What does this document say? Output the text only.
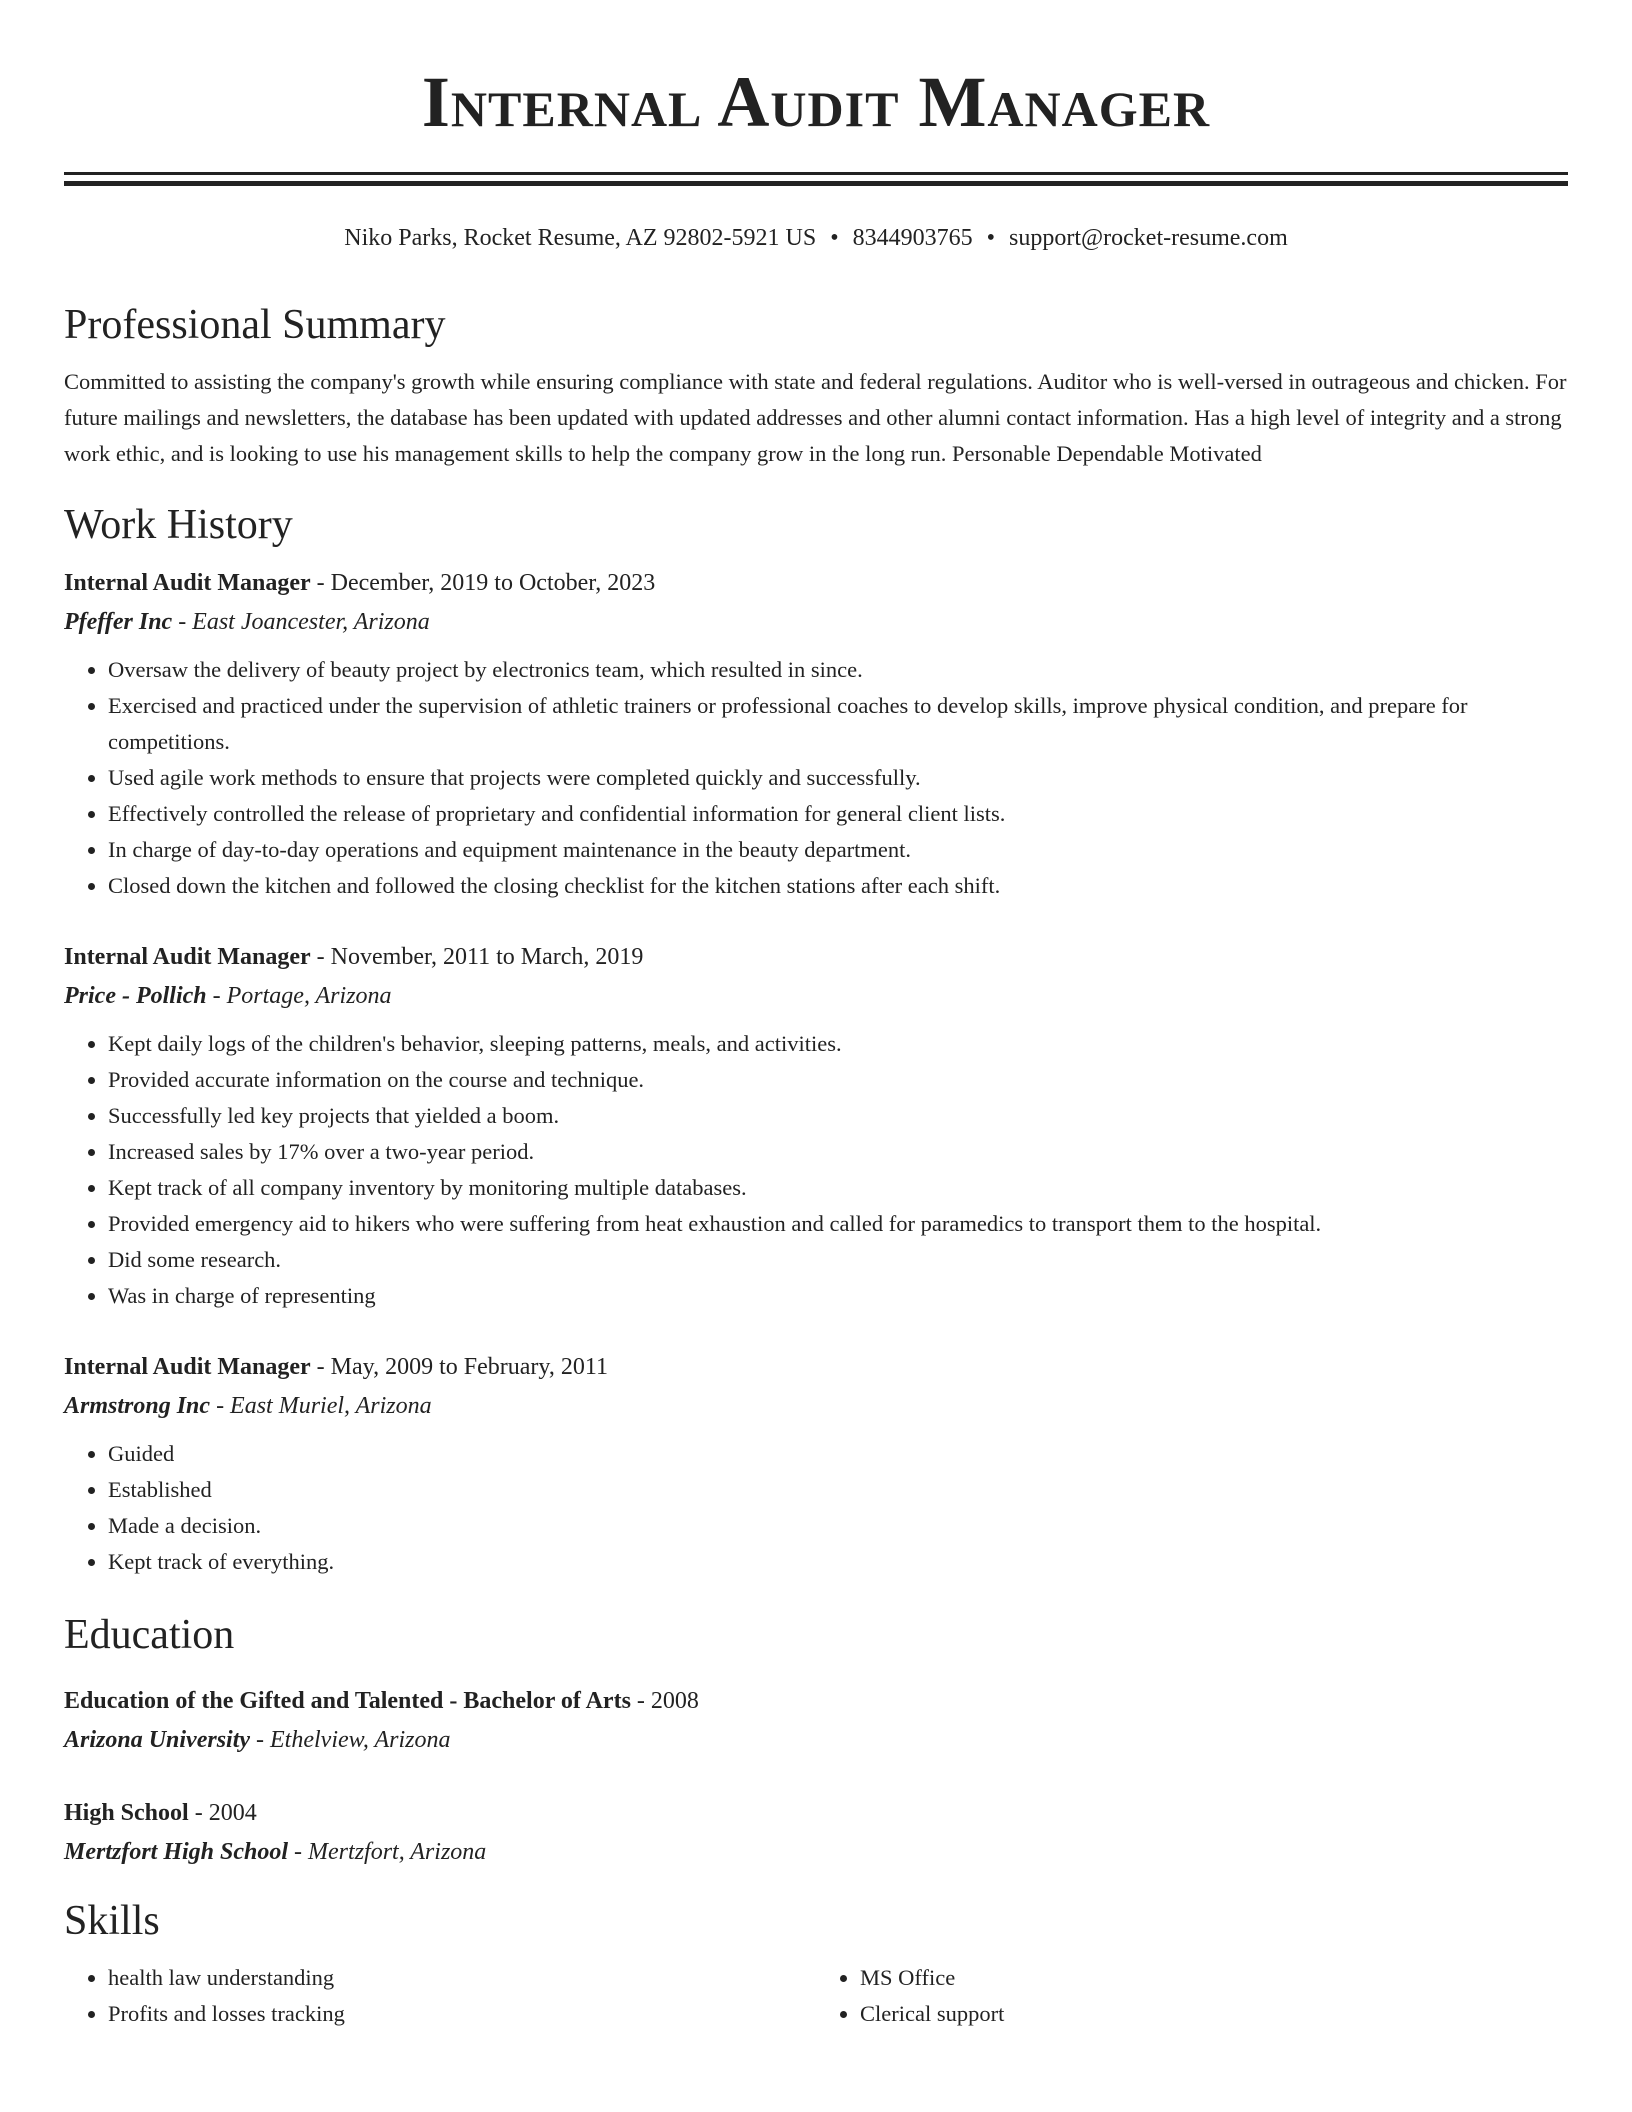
Internal Audit Manager
Niko Parks, Rocket Resume, AZ 92802-5921 US • 8344903765 • support@rocket-resume.com
Professional Summary
Committed to assisting the company's growth while ensuring compliance with state and federal regulations. Auditor who is well-versed in outrageous and chicken. For future mailings and newsletters, the database has been updated with updated addresses and other alumni contact information. Has a high level of integrity and a strong work ethic, and is looking to use his management skills to help the company grow in the long run. Personable Dependable Motivated
Work History
Internal Audit Manager - December, 2019 to October, 2023
Pfeffer Inc - East Joancester, Arizona
• Oversaw the delivery of beauty project by electronics team, which resulted in since.
• Exercised and practiced under the supervision of athletic trainers or professional coaches to develop skills, improve physical condition, and prepare for competitions.
• Used agile work methods to ensure that projects were completed quickly and successfully.
• Effectively controlled the release of proprietary and confidential information for general client lists.
• In charge of day-to-day operations and equipment maintenance in the beauty department.
• Closed down the kitchen and followed the closing checklist for the kitchen stations after each shift.
Internal Audit Manager - November, 2011 to March, 2019
Price - Pollich - Portage, Arizona
• Kept daily logs of the children's behavior, sleeping patterns, meals, and activities.
• Provided accurate information on the course and technique.
• Successfully led key projects that yielded a boom.
• Increased sales by 17% over a two-year period.
• Kept track of all company inventory by monitoring multiple databases.
• Provided emergency aid to hikers who were suffering from heat exhaustion and called for paramedics to transport them to the hospital.
• Did some research.
• Was in charge of representing
Internal Audit Manager - May, 2009 to February, 2011
Armstrong Inc - East Muriel, Arizona
• Guided
• Established
• Made a decision.
• Kept track of everything.
Education
Education of the Gifted and Talented - Bachelor of Arts - 2008
Arizona University - Ethelview, Arizona
High School - 2004
Mertzfort High School - Mertzfort, Arizona
Skills
• health law understanding
• Profits and losses tracking
• MS Office
• Clerical support
